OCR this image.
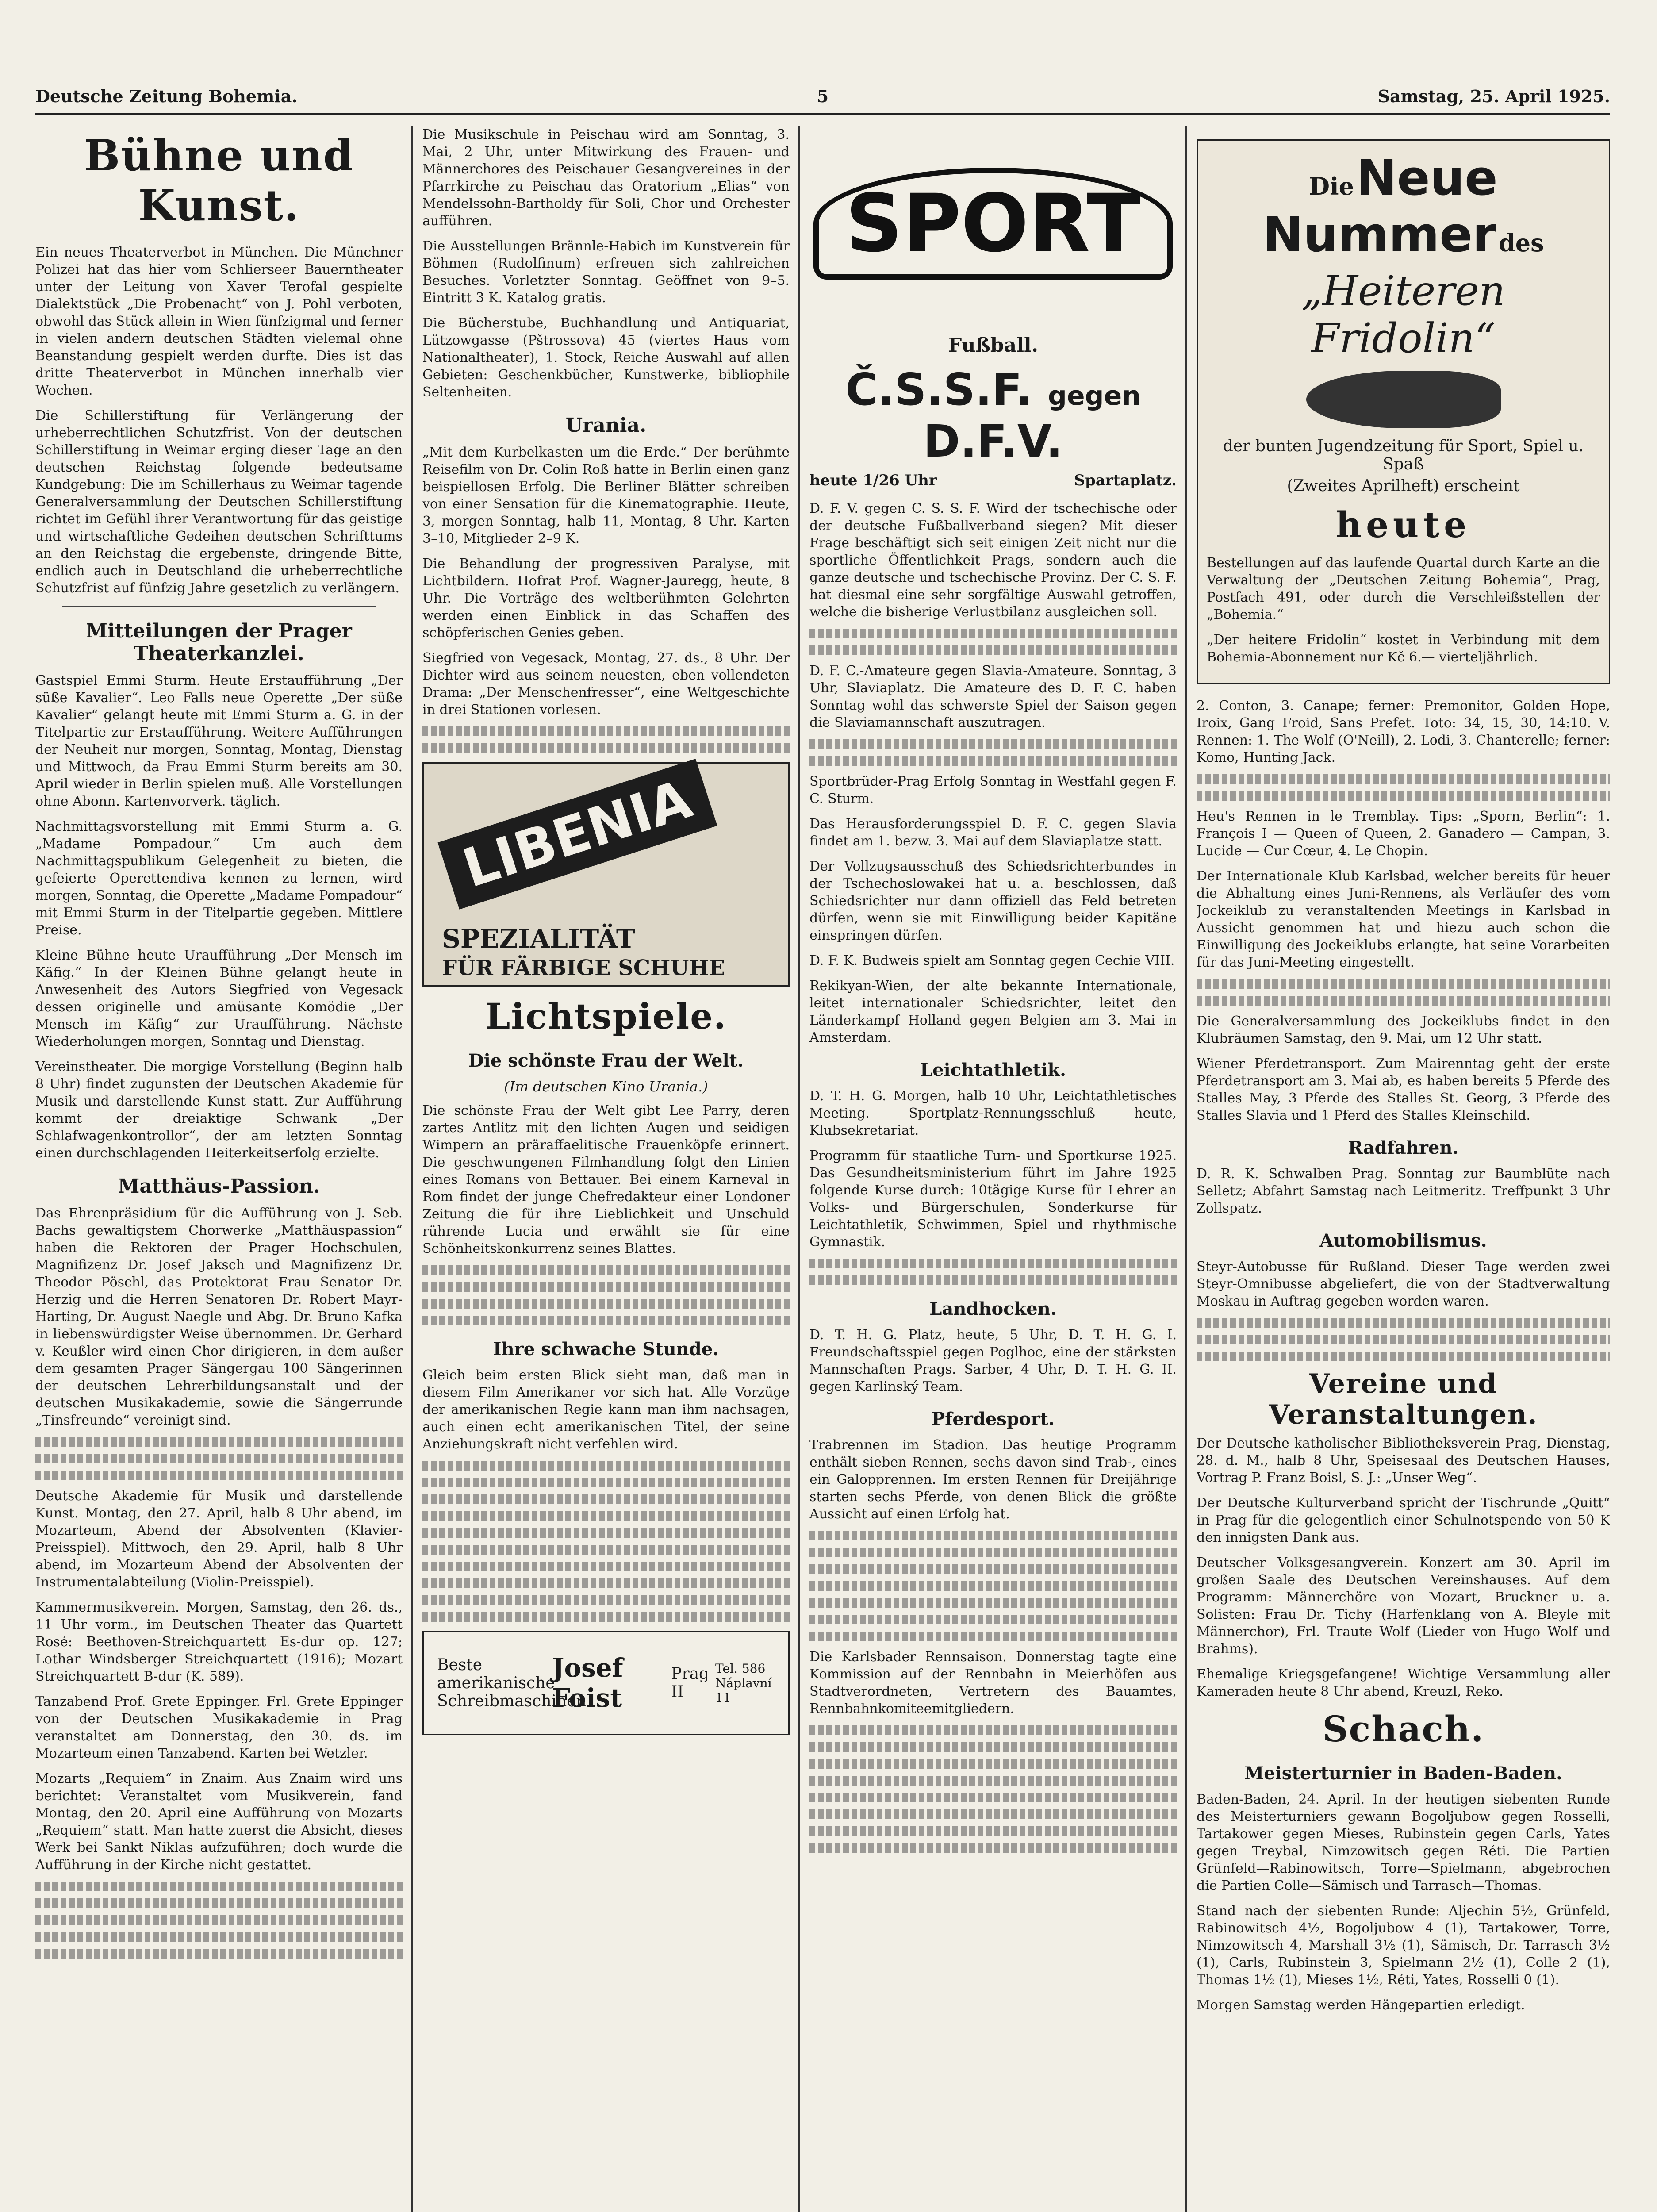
Deutsche Zeitung Bohemia.	5	Samstag, 25. April 1925.
Bühne und Kunst.

Ein neues Theaterverbot in München. Die Münchner Polizei hat das hier vom Schlierseer Bauerntheater unter der Leitung von Xaver Terofal gespielte Dialektstück „Die Probenacht“ von J. Pohl verboten, obwohl das Stück allein in Wien fünfzigmal und ferner in vielen andern deutschen Städten vielemal ohne Beanstandung gespielt werden durfte. Dies ist das dritte Theaterverbot in München innerhalb vier Wochen.

Die Schillerstiftung für Verlängerung der urheberrechtlichen Schutzfrist. Von der deutschen Schillerstiftung in Weimar erging dieser Tage an den deutschen Reichstag folgende bedeutsame Kundgebung: Die im Schillerhaus zu Weimar tagende Generalversammlung der Deutschen Schillerstiftung richtet im Gefühl ihrer Verantwortung für das geistige und wirtschaftliche Gedeihen deutschen Schrifttums an den Reichstag die ergebenste, dringende Bitte, endlich auch in Deutschland die urheberrechtliche Schutzfrist auf fünfzig Jahre gesetzlich zu verlängern.

Mitteilungen der Prager Theaterkanzlei.

Gastspiel Emmi Sturm. Heute Erstaufführung „Der süße Kavalier“. Leo Falls neue Operette „Der süße Kavalier“ gelangt heute mit Emmi Sturm a. G. in der Titelpartie zur Erstaufführung. Weitere Aufführungen der Neuheit nur morgen, Sonntag, Montag, Dienstag und Mittwoch, da Frau Emmi Sturm bereits am 30. April wieder in Berlin spielen muß. Alle Vorstellungen ohne Abonn. Kartenvorverk. täglich.

Nachmittagsvorstellung mit Emmi Sturm a. G. „Madame Pompadour.“ Um auch dem Nachmittagspublikum Gelegenheit zu bieten, die gefeierte Operettendiva kennen zu lernen, wird morgen, Sonntag, die Operette „Madame Pompadour“ mit Emmi Sturm in der Titelpartie gegeben. Mittlere Preise.

Kleine Bühne heute Uraufführung „Der Mensch im Käfig.“ In der Kleinen Bühne gelangt heute in Anwesenheit des Autors Siegfried von Vegesack dessen originelle und amüsante Komödie „Der Mensch im Käfig“ zur Uraufführung. Nächste Wiederholungen morgen, Sonntag und Dienstag.

Vereinstheater. Die morgige Vorstellung (Beginn halb 8 Uhr) findet zugunsten der Deutschen Akademie für Musik und darstellende Kunst statt. Zur Aufführung kommt der dreiaktige Schwank „Der Schlafwagenkontrollor“, der am letzten Sonntag einen durchschlagenden Heiterkeitserfolg erzielte.

Matthäus-Passion.

Das Ehrenpräsidium für die Aufführung von J. Seb. Bachs gewaltigstem Chorwerke „Matthäuspassion“ haben die Rektoren der Prager Hochschulen, Magnifizenz Dr. Josef Jaksch und Magnifizenz Dr. Theodor Pöschl, das Protektorat Frau Senator Dr. Herzig und die Herren Senatoren Dr. Robert Mayr-Harting, Dr. August Naegle und Abg. Dr. Bruno Kafka in liebenswürdigster Weise übernommen. Dr. Gerhard v. Keußler wird einen Chor dirigieren, in dem außer dem gesamten Prager Sängergau 100 Sängerinnen der deutschen Lehrerbildungsanstalt und der deutschen Musikakademie, sowie die Sängerrunde „Tinsfreunde“ vereinigt sind.

Deutsche Akademie für Musik und darstellende Kunst. Montag, den 27. April, halb 8 Uhr abend, im Mozarteum, Abend der Absolventen (Klavier-Preisspiel). Mittwoch, den 29. April, halb 8 Uhr abend, im Mozarteum Abend der Absolventen der Instrumentalabteilung (Violin-Preisspiel).

Kammermusikverein. Morgen, Samstag, den 26. ds., 11 Uhr vorm., im Deutschen Theater das Quartett Rosé: Beethoven-Streichquartett Es-dur op. 127; Lothar Windsberger Streichquartett (1916); Mozart Streichquartett B-dur (K. 589).

Tanzabend Prof. Grete Eppinger. Frl. Grete Eppinger von der Deutschen Musikakademie in Prag veranstaltet am Donnerstag, den 30. ds. im Mozarteum einen Tanzabend. Karten bei Wetzler.

Mozarts „Requiem“ in Znaim. Aus Znaim wird uns berichtet: Veranstaltet vom Musikverein, fand Montag, den 20. April eine Aufführung von Mozarts „Requiem“ statt. Man hatte zuerst die Absicht, dieses Werk bei Sankt Niklas aufzuführen; doch wurde die Aufführung in der Kirche nicht gestattet.

Die Musikschule in Peischau wird am Sonntag, 3. Mai, 2 Uhr, unter Mitwirkung des Frauen- und Männerchores des Peischauer Gesangvereines in der Pfarrkirche zu Peischau das Oratorium „Elias“ von Mendelssohn-Bartholdy für Soli, Chor und Orchester aufführen.

Die Ausstellungen Brännle-Habich im Kunstverein für Böhmen (Rudolfinum) erfreuen sich zahlreichen Besuches. Vorletzter Sonntag. Geöffnet von 9–5. Eintritt 3 K. Katalog gratis.

Die Bücherstube, Buchhandlung und Antiquariat, Lützowgasse (Pštrossova) 45 (viertes Haus vom Nationaltheater), 1. Stock, Reiche Auswahl auf allen Gebieten: Geschenkbücher, Kunstwerke, bibliophile Seltenheiten.

Urania.

„Mit dem Kurbelkasten um die Erde.“ Der berühmte Reisefilm von Dr. Colin Roß hatte in Berlin einen ganz beispiellosen Erfolg. Die Berliner Blätter schreiben von einer Sensation für die Kinematographie. Heute, 3, morgen Sonntag, halb 11, Montag, 8 Uhr. Karten 3–10, Mitglieder 2–9 K.

Die Behandlung der progressiven Paralyse, mit Lichtbildern. Hofrat Prof. Wagner-Jauregg, heute, 8 Uhr. Die Vorträge des weltberühmten Gelehrten werden einen Einblick in das Schaffen des schöpferischen Genies geben.

Siegfried von Vegesack, Montag, 27. ds., 8 Uhr. Der Dichter wird aus seinem neuesten, eben vollendeten Drama: „Der Menschenfresser“, eine Weltgeschichte in drei Stationen vorlesen.

LIBENIA
SPEZIALITÄT
FÜR FÄRBIGE SCHUHE
Lichtspiele.
Die schönste Frau der Welt.
(Im deutschen Kino Urania.)

Die schönste Frau der Welt gibt Lee Parry, deren zartes Antlitz mit den lichten Augen und seidigen Wimpern an präraffaelitische Frauenköpfe erinnert. Die geschwungenen Filmhandlung folgt den Linien eines Romans von Bettauer. Bei einem Karneval in Rom findet der junge Chefredakteur einer Londoner Zeitung die für ihre Lieblichkeit und Unschuld rührende Lucia und erwählt sie für eine Schönheitskonkurrenz seines Blattes.

Ihre schwache Stunde.

Gleich beim ersten Blick sieht man, daß man in diesem Film Amerikaner vor sich hat. Alle Vorzüge der amerikanischen Regie kann man ihm nachsagen, auch einen echt amerikanischen Titel, der seine Anziehungskraft nicht verfehlen wird.

Beste amerikanische Schreibmaschinen
Josef Foist
Prag II
Tel. 586 Náplavní 11
SPORT
Fußball.
Č.S.S.F. gegen D.F.V.
heute 1/26 Uhr	Spartaplatz.

D. F. V. gegen C. S. S. F. Wird der tschechische oder der deutsche Fußballverband siegen? Mit dieser Frage beschäftigt sich seit einigen Zeit nicht nur die sportliche Öffentlichkeit Prags, sondern auch die ganze deutsche und tschechische Provinz. Der C. S. F. hat diesmal eine sehr sorgfältige Auswahl getroffen, welche die bisherige Verlustbilanz ausgleichen soll.

D. F. C.-Amateure gegen Slavia-Amateure. Sonntag, 3 Uhr, Slaviaplatz. Die Amateure des D. F. C. haben Sonntag wohl das schwerste Spiel der Saison gegen die Slaviamannschaft auszutragen.

Sportbrüder-Prag Erfolg Sonntag in Westfahl gegen F. C. Sturm.

Das Herausforderungsspiel D. F. C. gegen Slavia findet am 1. bezw. 3. Mai auf dem Slaviaplatze statt.

Der Vollzugsausschuß des Schiedsrichterbundes in der Tschechoslowakei hat u. a. beschlossen, daß Schiedsrichter nur dann offiziell das Feld betreten dürfen, wenn sie mit Einwilligung beider Kapitäne einspringen dürfen.

D. F. K. Budweis spielt am Sonntag gegen Cechie VIII.

Rekikyan-Wien, der alte bekannte Internationale, leitet internationaler Schiedsrichter, leitet den Länderkampf Holland gegen Belgien am 3. Mai in Amsterdam.

Leichtathletik.

D. T. H. G. Morgen, halb 10 Uhr, Leichtathletisches Meeting. Sportplatz-Rennungsschluß heute, Klubsekretariat.

Programm für staatliche Turn- und Sportkurse 1925. Das Gesundheitsministerium führt im Jahre 1925 folgende Kurse durch: 10tägige Kurse für Lehrer an Volks- und Bürgerschulen, Sonderkurse für Leichtathletik, Schwimmen, Spiel und rhythmische Gymnastik.

Landhocken.

D. T. H. G. Platz, heute, 5 Uhr, D. T. H. G. I. Freundschaftsspiel gegen Poglhoc, eine der stärksten Mannschaften Prags. Sarber, 4 Uhr, D. T. H. G. II. gegen Karlinský Team.

Pferdesport.

Trabrennen im Stadion. Das heutige Programm enthält sieben Rennen, sechs davon sind Trab-, eines ein Galopprennen. Im ersten Rennen für Dreijährige starten sechs Pferde, von denen Blick die größte Aussicht auf einen Erfolg hat.

Die Karlsbader Rennsaison. Donnerstag tagte eine Kommission auf der Rennbahn in Meierhöfen aus Stadtverordneten, Vertretern des Bauamtes, Rennbahnkomiteemitgliedern.

Die Neue Nummer des
„Heiteren Fridolin“
der bunten Jugendzeitung für Sport, Spiel u. Spaß
(Zweites Aprilheft) erscheint
heute

Bestellungen auf das laufende Quartal durch Karte an die Verwaltung der „Deutschen Zeitung Bohemia“, Prag, Postfach 491, oder durch die Verschleißstellen der „Bohemia.“

„Der heitere Fridolin“ kostet in Verbindung mit dem Bohemia-Abonnement nur Kč 6.— vierteljährlich.

2. Conton, 3. Canape; ferner: Premonitor, Golden Hope, Iroix, Gang Froid, Sans Prefet. Toto: 34, 15, 30, 14:10. V. Rennen: 1. The Wolf (O'Neill), 2. Lodi, 3. Chanterelle; ferner: Komo, Hunting Jack.

Heu's Rennen in le Tremblay. Tips: „Sporn, Berlin“: 1. François I — Queen of Queen, 2. Ganadero — Campan, 3. Lucide — Cur Cœur, 4. Le Chopin.

Der Internationale Klub Karlsbad, welcher bereits für heuer die Abhaltung eines Juni-Rennens, als Verläufer des vom Jockeiklub zu veranstaltenden Meetings in Karlsbad in Aussicht genommen hat und hiezu auch schon die Einwilligung des Jockeiklubs erlangte, hat seine Vorarbeiten für das Juni-Meeting eingestellt.

Die Generalversammlung des Jockeiklubs findet in den Klubräumen Samstag, den 9. Mai, um 12 Uhr statt.

Wiener Pferdetransport. Zum Mairenntag geht der erste Pferdetransport am 3. Mai ab, es haben bereits 5 Pferde des Stalles May, 3 Pferde des Stalles St. Georg, 3 Pferde des Stalles Slavia und 1 Pferd des Stalles Kleinschild.

Radfahren.

D. R. K. Schwalben Prag. Sonntag zur Baumblüte nach Selletz; Abfahrt Samstag nach Leitmeritz. Treffpunkt 3 Uhr Zollspatz.

Automobilismus.

Steyr-Autobusse für Rußland. Dieser Tage werden zwei Steyr-Omnibusse abgeliefert, die von der Stadtverwaltung Moskau in Auftrag gegeben worden waren.

Vereine und Veranstaltungen.

Der Deutsche katholischer Bibliotheksverein Prag, Dienstag, 28. d. M., halb 8 Uhr, Speisesaal des Deutschen Hauses, Vortrag P. Franz Boisl, S. J.: „Unser Weg“.

Der Deutsche Kulturverband spricht der Tischrunde „Quitt“ in Prag für die gelegentlich einer Schulnotspende von 50 K den innigsten Dank aus.

Deutscher Volksgesangverein. Konzert am 30. April im großen Saale des Deutschen Vereinshauses. Auf dem Programm: Männerchöre von Mozart, Bruckner u. a. Solisten: Frau Dr. Tichy (Harfenklang von A. Bleyle mit Männerchor), Frl. Traute Wolf (Lieder von Hugo Wolf und Brahms).

Ehemalige Kriegsgefangene! Wichtige Versammlung aller Kameraden heute 8 Uhr abend, Kreuzl, Reko.

Schach.
Meisterturnier in Baden-Baden.

Baden-Baden, 24. April. In der heutigen siebenten Runde des Meisterturniers gewann Bogoljubow gegen Rosselli, Tartakower gegen Mieses, Rubinstein gegen Carls, Yates gegen Treybal, Nimzowitsch gegen Réti. Die Partien Grünfeld—Rabinowitsch, Torre—Spielmann, abgebrochen die Partien Colle—Sämisch und Tarrasch—Thomas.

Stand nach der siebenten Runde: Aljechin 5½, Grünfeld, Rabinowitsch 4½, Bogoljubow 4 (1), Tartakower, Torre, Nimzowitsch 4, Marshall 3½ (1), Sämisch, Dr. Tarrasch 3½ (1), Carls, Rubinstein 3, Spielmann 2½ (1), Colle 2 (1), Thomas 1½ (1), Mieses 1½, Réti, Yates, Rosselli 0 (1).

Morgen Samstag werden Hängepartien erledigt.
